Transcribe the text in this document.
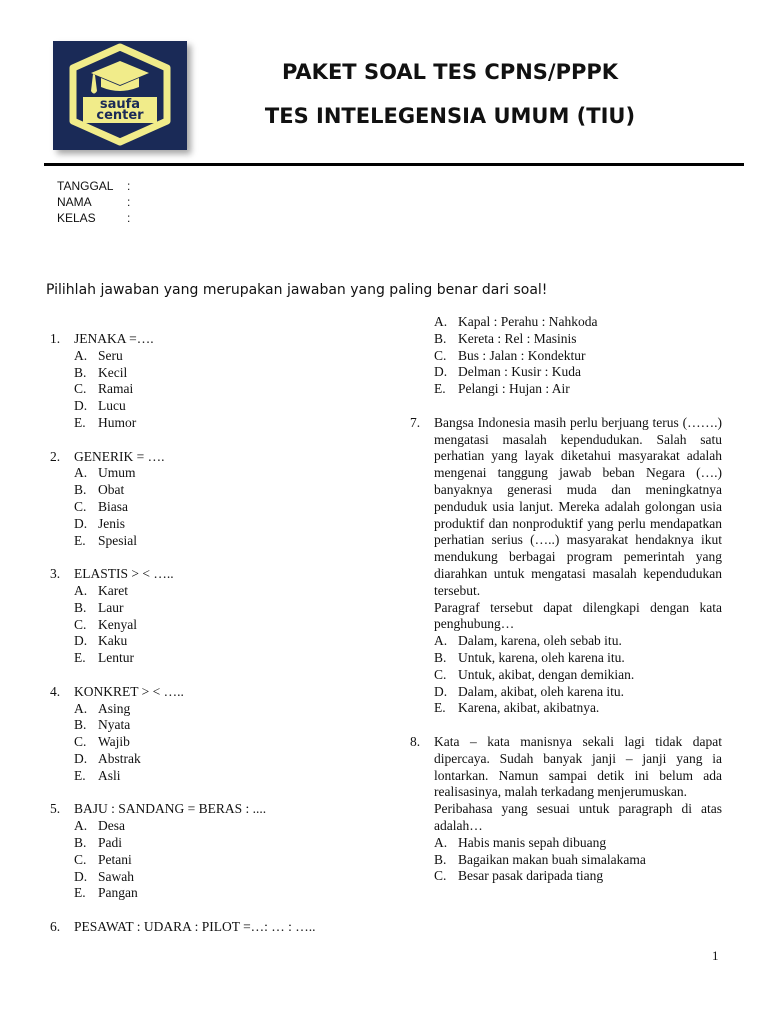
saufa
center
PAKET SOAL TES CPNS/PPPK
TES INTELEGENSIA UMUM (TIU)
TANGGAL :
NAMA	:
KELAS	:
Pilihlah jawaban yang merupakan jawaban yang paling benar dari soal!
1. JENAKA =….
A. Seru
B. Kecil
C. Ramai
D. Lucu
E. Humor
2. GENERIK = ….
A. Umum
B. Obat
C. Biasa
D. Jenis
E. Spesial
3. ELASTIS > < …..
A. Karet
B. Laur
C. Kenyal
D. Kaku
E. Lentur
4. KONKRET > < …..
A. Asing
B. Nyata
C. Wajib
D. Abstrak
E. Asli
5. BAJU : SANDANG = BERAS : ....
A. Desa
B. Padi
C. Petani
D. Sawah
E. Pangan
6. PESAWAT : UDARA : PILOT =…: … : …..
A. Kapal : Perahu : Nahkoda
B. Kereta : Rel : Masinis
C. Bus : Jalan : Kondektur
D. Delman : Kusir : Kuda
E. Pelangi : Hujan : Air
7. Bangsa Indonesia masih perlu berjuang terus (…….) mengatasi masalah kependudukan. Salah satu perhatian yang layak diketahui masyarakat adalah mengenai tanggung jawab beban Negara (….) banyaknya generasi muda dan meningkatnya penduduk usia lanjut. Mereka adalah golongan usia produktif dan nonproduktif yang perlu mendapatkan perhatian serius (…..) masyarakat hendaknya ikut mendukung berbagai program pemerintah yang diarahkan untuk mengatasi masalah kependudukan tersebut.
Paragraf tersebut dapat dilengkapi dengan kata penghubung…
A. Dalam, karena, oleh sebab itu.
B. Untuk, karena, oleh karena itu.
C. Untuk, akibat, dengan demikian.
D. Dalam, akibat, oleh karena itu.
E. Karena, akibat, akibatnya.
8. Kata – kata manisnya sekali lagi tidak dapat dipercaya. Sudah banyak janji – janji yang ia lontarkan. Namun sampai detik ini belum ada realisasinya, malah terkadang menjerumuskan.
Peribahasa yang sesuai untuk paragraph di atas adalah…
A. Habis manis sepah dibuang
B. Bagaikan makan buah simalakama
C. Besar pasak daripada tiang
1
